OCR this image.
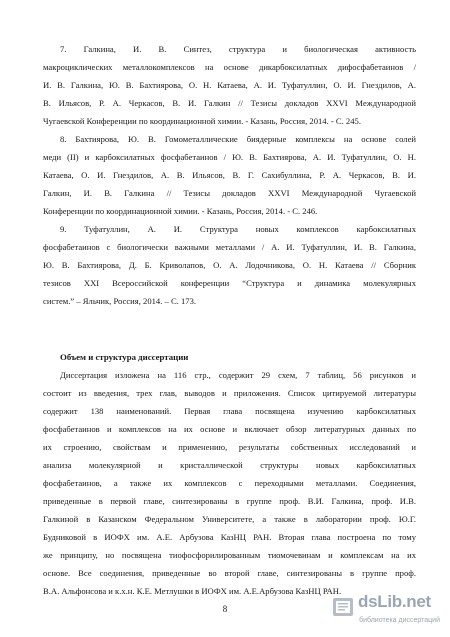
7. Галкина, И. В. Синтез, структура и биологическая активность
макроциклических металлокомплексов на основе дикарбоксилатных дифосфабетаинов /
И. В. Галкина, Ю. В. Бахтиярова, О. Н. Катаева, А. И. Туфатуллин, О. И. Гнездилов, А.
В. Ильясов, Р. А. Черкасов, В. И. Галкин // Тезисы докладов XXVI Международной
Чугаевской Конференции по координационной химии. - Казань, Россия, 2014. - С. 245.
8. Бахтиярова, Ю. В. Гомометаллические биядерные комплексы на основе солей
меди (II) и карбоксилатных фосфабетаинов / Ю. В. Бахтиярова, А. И. Туфатуллин, О. Н.
Катаева, О. И. Гнездилов, А. В. Ильясов, В. Г. Сахибуллина, Р. А. Черкасов, В. И.
Галкин, И. В. Галкина // Тезисы докладов XXVI Международной Чугаевской
Конференции по координационной химии. - Казань, Россия, 2014. - С. 246.
9. Туфатуллин, А. И. Структура новых комплексов карбоксилатных
фосфабетаинов с биологически важными металлами / А. И. Туфатуллин, И. В. Галкина,
Ю. В. Бахтиярова, Д. Б. Криволапов, О. А. Лодочникова, О. Н. Катаева // Сборник
тезисов XXI Всероссийской конференции “Структура и динамика молекулярных
систем.” – Яльчик, Россия, 2014. – С. 173.
Объем и структура диссертации
Диссертация изложена на 116 стр., содержит 29 схем, 7 таблиц, 56 рисунков и
состоит из введения, трех глав, выводов и приложения. Список цитируемой литературы
содержит 138 наименований. Первая глава посвящена изучению карбоксилатных
фосфабетаинов и комплексов на их основе и включает обзор литературных данных по
их строению, свойствам и применению, результаты собственных исследований и
анализа молекулярной и кристаллической структуры новых карбоксилатных
фосфабетаинов, а также их комплексов с переходными металлами. Соединения,
приведенные в первой главе, синтезированы в группе проф. В.И. Галкина, проф. И.В.
Галкиной в Казанском Федеральном Университете, а также в лаборатории проф. Ю.Г.
Будниковой в ИОФХ им. А.Е. Арбузова КазНЦ РАН. Вторая глава построена по тому
же принципу, но посвящена тиофосфорилированным тиомочевинам и комплексам на их
основе. Все соединения, приведенные во второй главе, синтезированы в группе проф.
В.А. Альфонсова и к.х.н. К.Е. Метлушки в ИОФХ им. А.Е.Арбузова КазНЦ РАН.
8	dsLib.net
библиотека диссертаций
